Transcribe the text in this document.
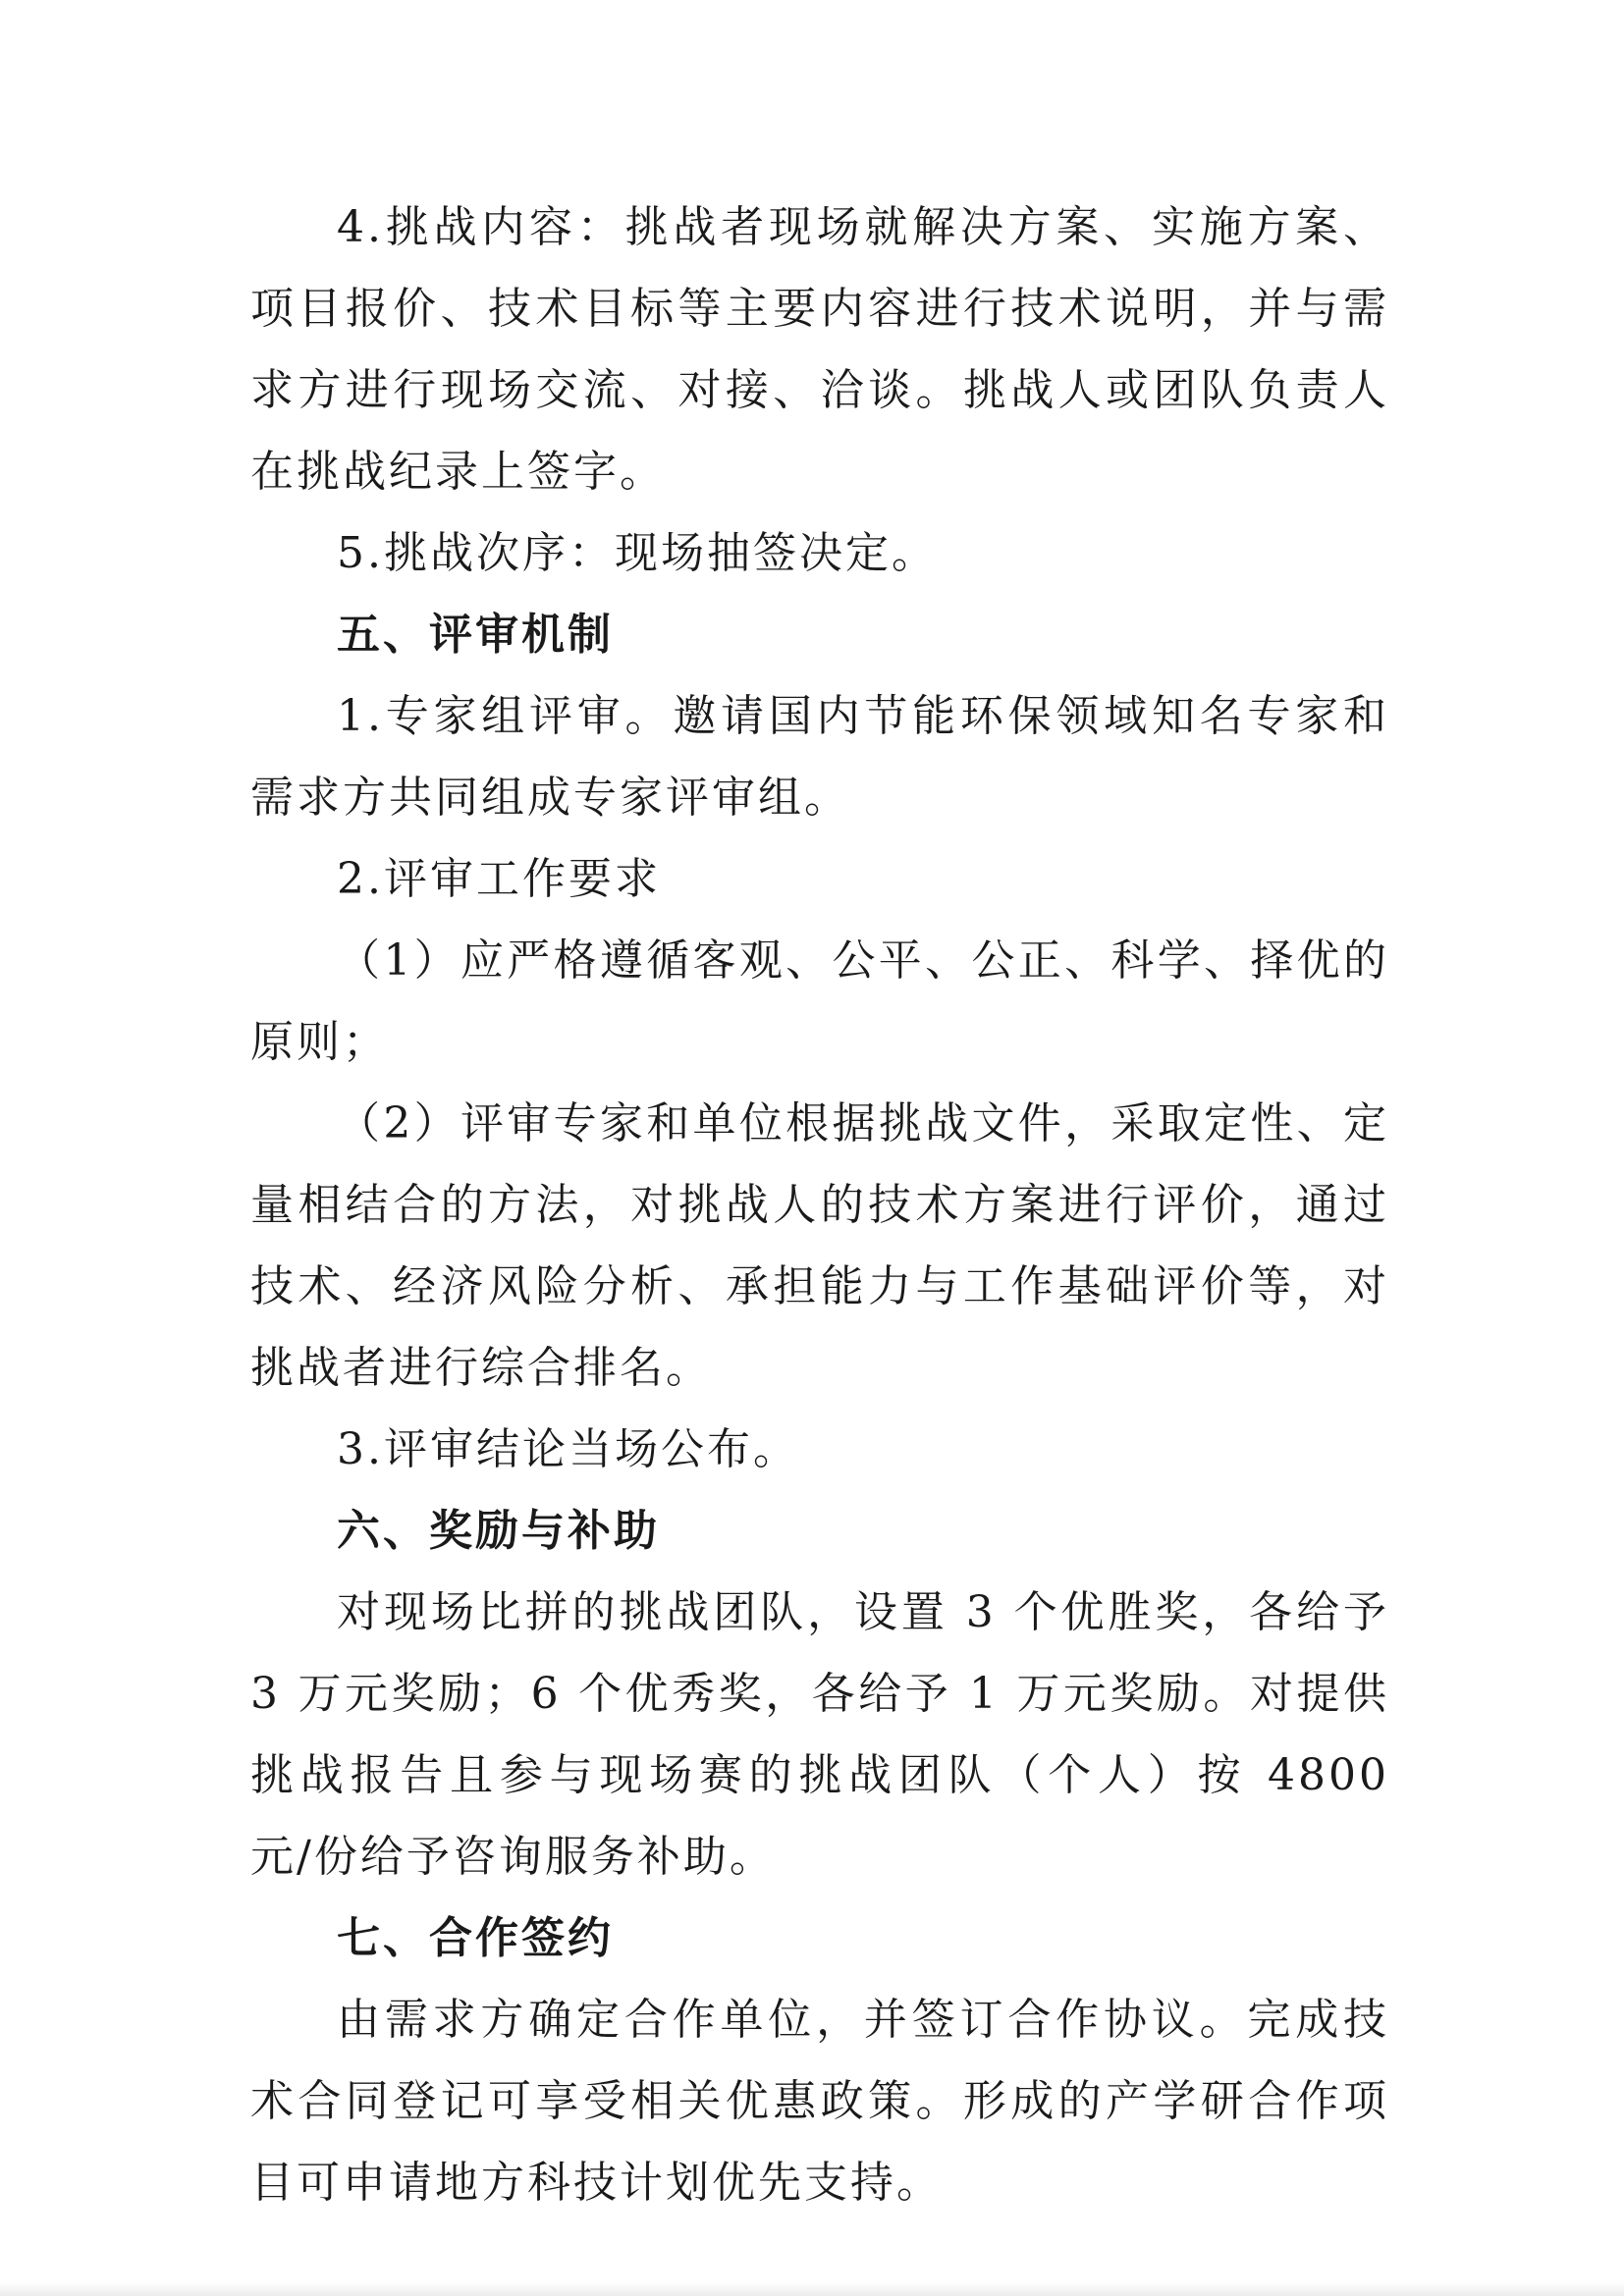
4.挑战内容：挑战者现场就解决方案、实施方案、项目报价、技术目标等主要内容进行技术说明，并与需求方进行现场交流、对接、洽谈。挑战人或团队负责人在挑战纪录上签字。

5.挑战次序：现场抽签决定。

五、评审机制

1.专家组评审。邀请国内节能环保领域知名专家和需求方共同组成专家评审组。

2.评审工作要求

（1）应严格遵循客观、公平、公正、科学、择优的原则；

（2）评审专家和单位根据挑战文件，采取定性、定量相结合的方法，对挑战人的技术方案进行评价，通过技术、经济风险分析、承担能力与工作基础评价等，对挑战者进行综合排名。

3.评审结论当场公布。

六、奖励与补助

对现场比拼的挑战团队，设置 3 个优胜奖，各给予 3 万元奖励；6 个优秀奖，各给予 1 万元奖励。对提供挑战报告且参与现场赛的挑战团队（个人）按 4800 元/份给予咨询服务补助。

七、合作签约

由需求方确定合作单位，并签订合作协议。完成技术合同登记可享受相关优惠政策。形成的产学研合作项目可申请地方科技计划优先支持。
